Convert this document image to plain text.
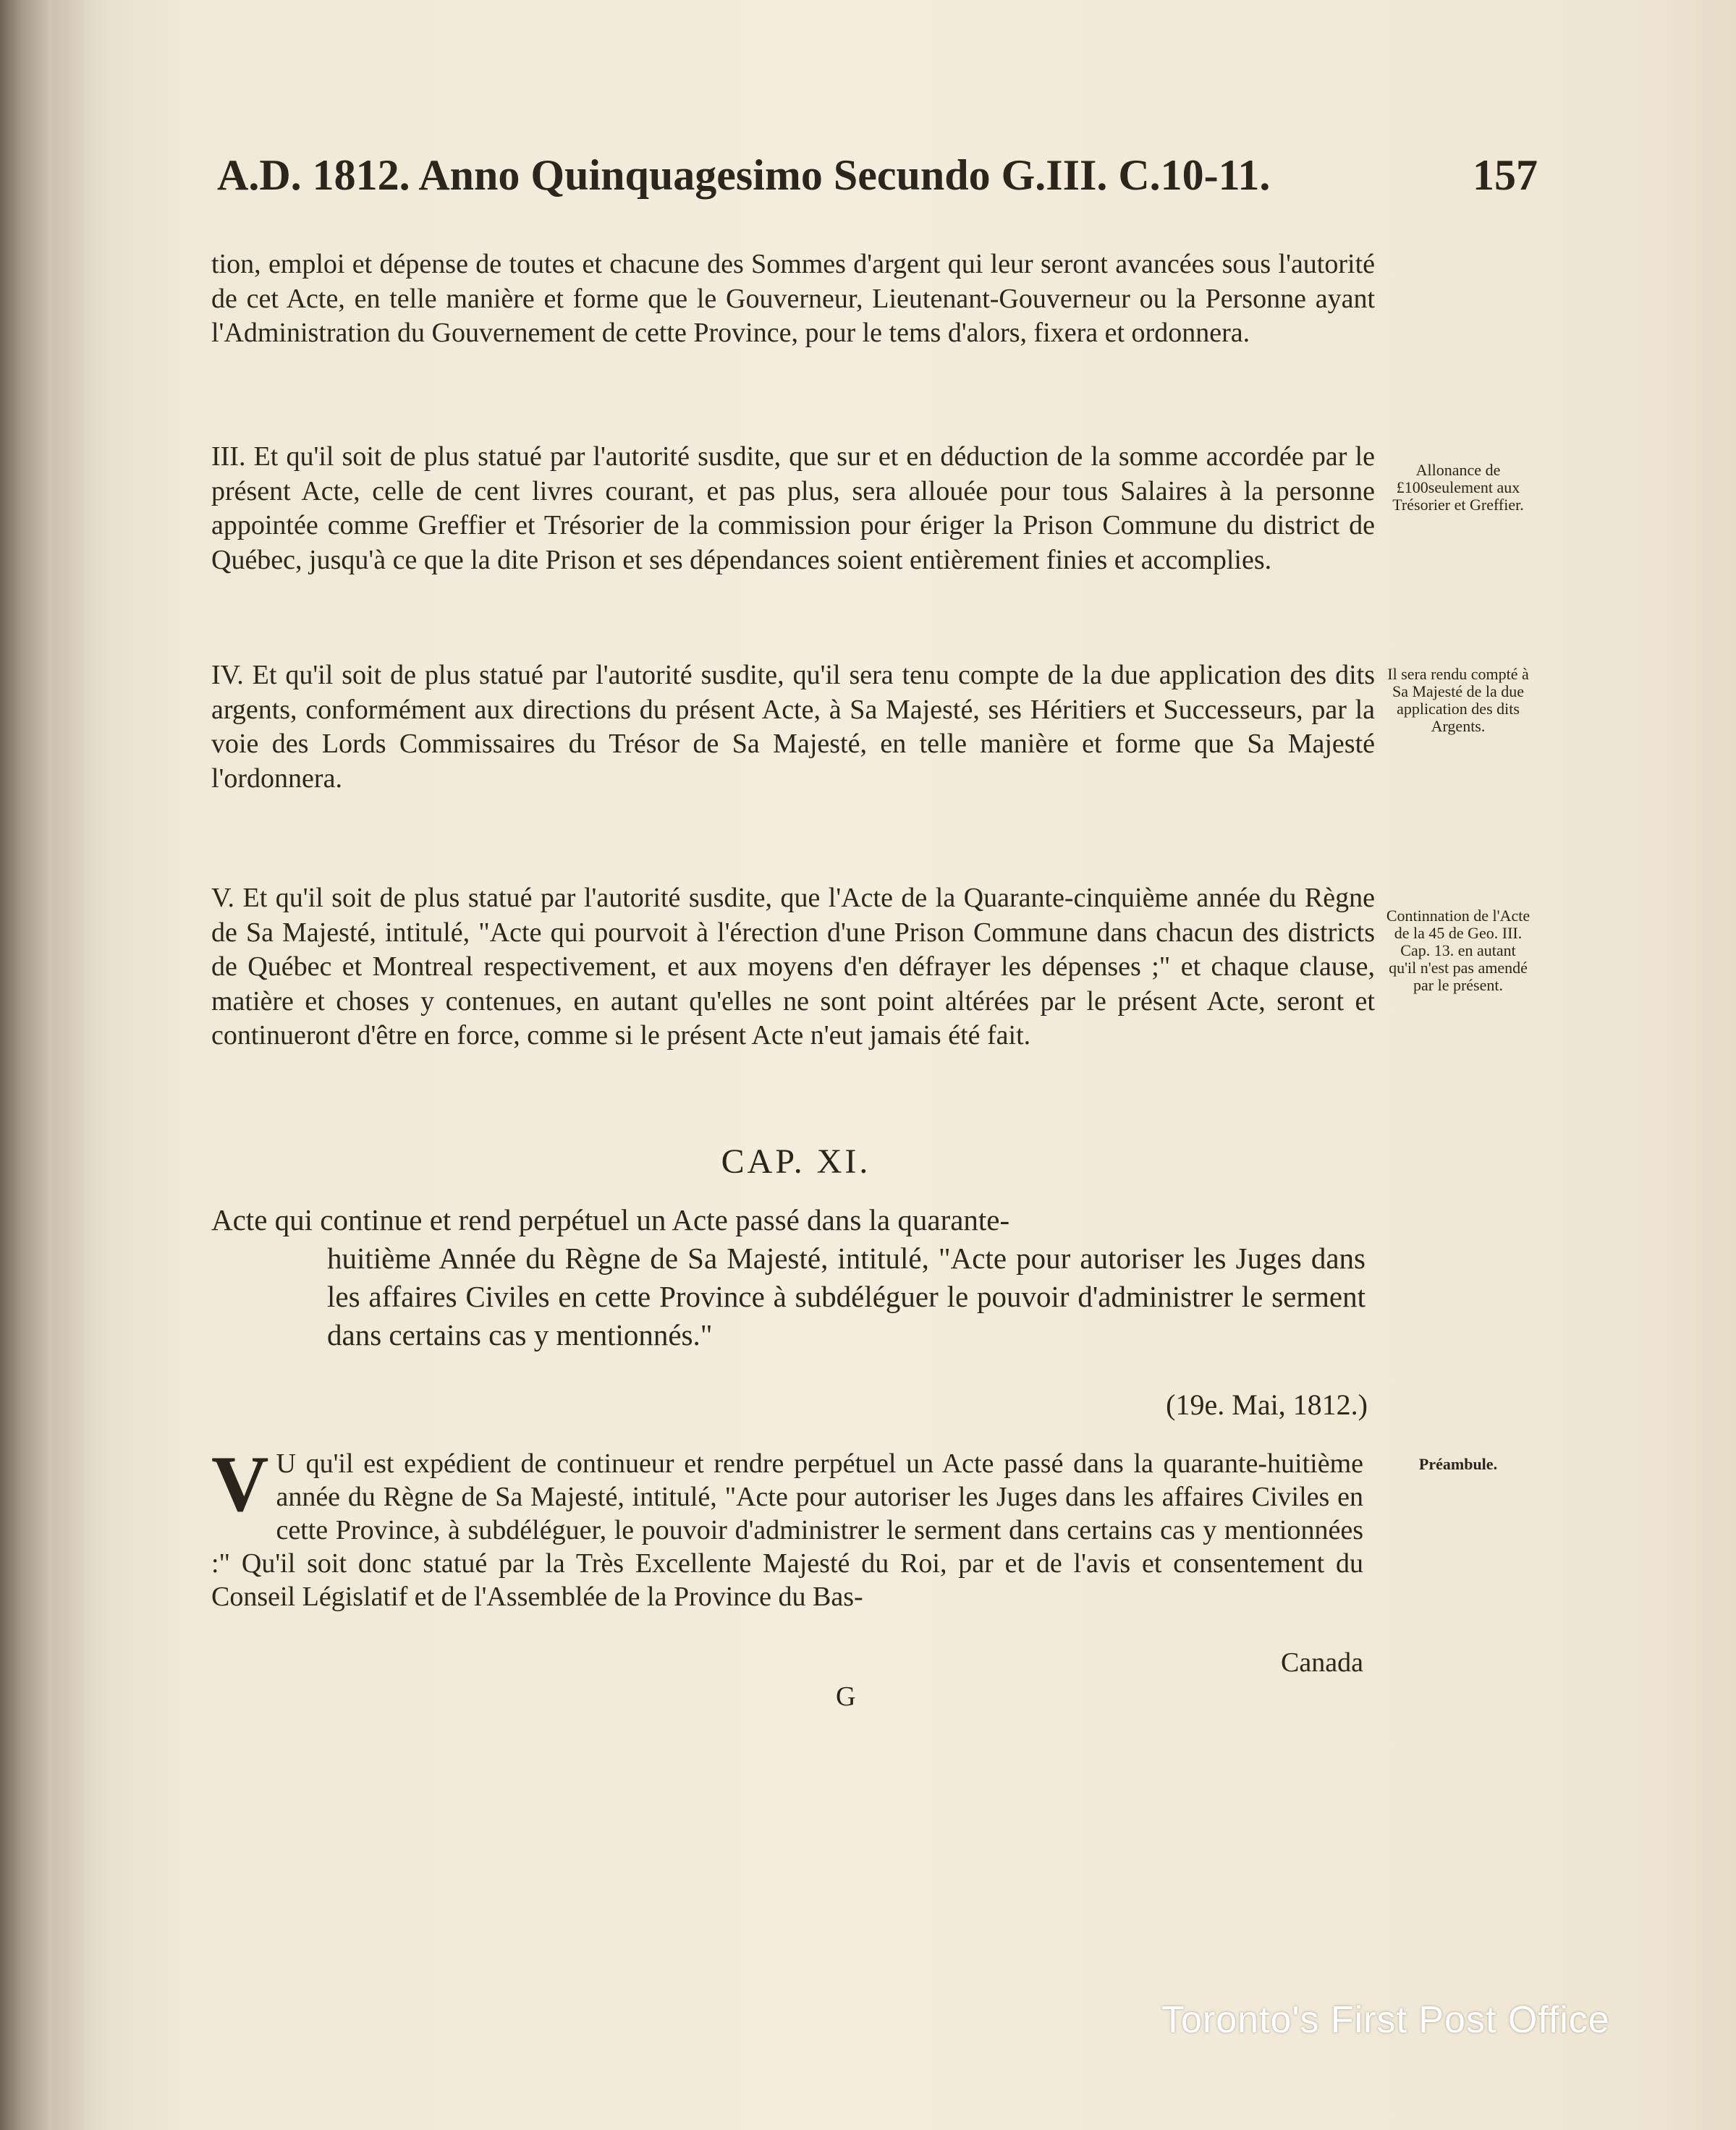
A.D. 1812. Anno Quinquagesimo Secundo G.III. C.10-11.	157
tion, emploi et dépense de toutes et chacune des Sommes d'argent qui leur seront avancées sous l'autorité de cet Acte, en telle manière et forme que le Gouverneur, Lieutenant-Gouverneur ou la Personne ayant l'Administration du Gouvernement de cette Province, pour le tems d'alors, fixera et ordonnera.
III. Et qu'il soit de plus statué par l'autorité susdite, que sur et en déduction de la somme accordée par le présent Acte, celle de cent livres courant, et pas plus, sera allouée pour tous Salaires à la personne appointée comme Greffier et Trésorier de la commission pour ériger la Prison Commune du district de Québec, jusqu'à ce que la dite Prison et ses dépendances soient entièrement finies et accomplies.
Allonance de £100seulement aux Trésorier et Greffier.
IV. Et qu'il soit de plus statué par l'autorité susdite, qu'il sera tenu compte de la due application des dits argents, conformément aux directions du présent Acte, à Sa Majesté, ses Héritiers et Successeurs, par la voie des Lords Commissaires du Trésor de Sa Majesté, en telle manière et forme que Sa Majesté l'ordonnera.
Il sera rendu compté à Sa Majesté de la due application des dits Argents.
V. Et qu'il soit de plus statué par l'autorité susdite, que l'Acte de la Quarante-cinquième année du Règne de Sa Majesté, intitulé, "Acte qui pourvoit à l'érection d'une Prison Commune dans chacun des districts de Québec et Montreal respectivement, et aux moyens d'en défrayer les dépenses ;" et chaque clause, matière et choses y contenues, en autant qu'elles ne sont point altérées par le présent Acte, seront et continueront d'être en force, comme si le présent Acte n'eut jamais été fait.
Continnation de l'Acte de la 45 de Geo. III. Cap. 13. en autant qu'il n'est pas amendé par le présent.
CAP. XI.
Acte qui continue et rend perpétuel un Acte passé dans la quarante-
huitième Année du Règne de Sa Majesté, intitulé, "Acte pour autoriser les Juges dans les affaires Civiles en cette Province à subdéléguer le pouvoir d'administrer le serment dans certains cas y mentionnés."
(19e. Mai, 1812.)
V U qu'il est expédient de continueur et rendre perpétuel un Acte passé dans la quarante-huitième année du Règne de Sa Majesté, intitulé, "Acte pour autoriser les Juges dans les affaires Civiles en cette Province, à subdéléguer, le pouvoir d'administrer le serment dans certains cas y mentionnées :" Qu'il soit donc statué par la Très Excellente Majesté du Roi, par et de l'avis et consentement du Conseil Législatif et de l'Assemblée de la Province du Bas-
Préambule.
Canada
G
Toronto's First Post Office
